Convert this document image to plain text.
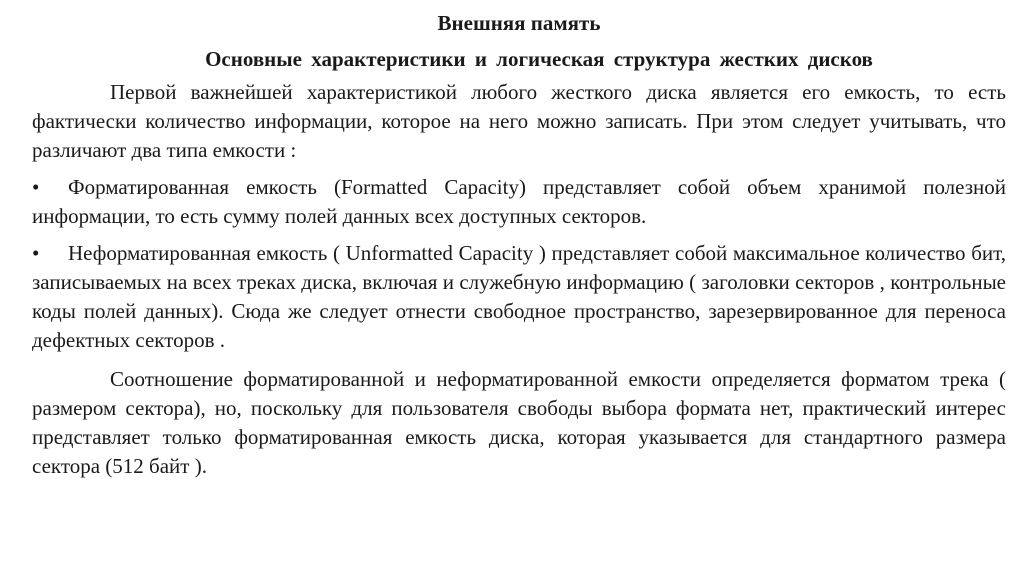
Внешняя память
Основные характеристики и логическая структура жестких дисков

Первой важнейшей характеристикой любого жесткого диска является его емкость, то есть фактически количество информации, которое на него можно записать. При этом следует учитывать, что различают два типа емкости :

• Форматированная емкость (Formatted Capacity) представляет собой объем хранимой полезной информации, то есть сумму полей данных всех доступных секторов.

• Неформатированная емкость ( Unformatted Capacity ) представляет собой максимальное количество бит, записываемых на всех треках диска, включая и служебную информацию ( заголовки секторов , контрольные коды полей данных). Сюда же следует отнести свободное пространство, зарезервированное для переноса дефектных секторов .

Соотношение форматированной и неформатированной емкости определяется форматом трека ( размером сектора), но, поскольку для пользователя свободы выбора формата нет, практический интерес представляет только форматированная емкость диска, которая указывается для стандартного размера сектора (512 байт ).
